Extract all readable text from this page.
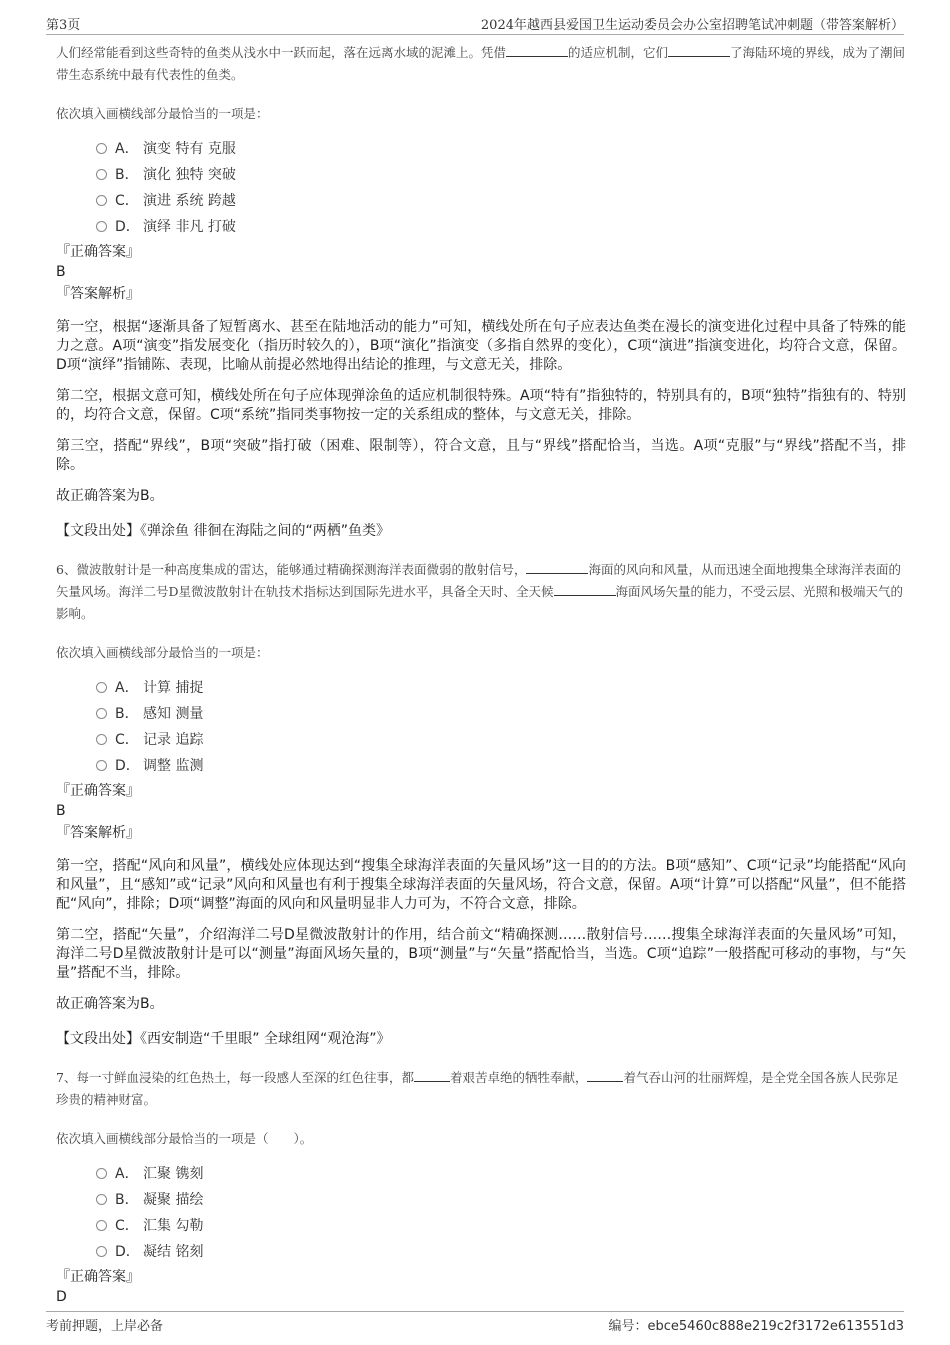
第3页	2024年越西县爱国卫生运动委员会办公室招聘笔试冲刺题（带答案解析）

人们经常能看到这些奇特的鱼类从浅水中一跃而起，落在远离水域的泥滩上。凭借	的适应机制，它们	了海陆环境的界线，成为了潮间带生态系统中最有代表性的鱼类。

依次填入画横线部分最恰当的一项是：

A． 演变 特有 克服
B． 演化 独特 突破
C． 演进 系统 跨越
D． 演绎 非凡 打破
『正确答案』
B
『答案解析』

第一空，根据“逐渐具备了短暂离水、甚至在陆地活动的能力”可知，横线处所在句子应表达鱼类在漫长的演变进化过程中具备了特殊的能力之意。A项“演变”指发展变化（指历时较久的），B项“演化”指演变（多指自然界的变化），C项“演进”指演变进化，均符合文意，保留。D项“演绎”指铺陈、表现，比喻从前提必然地得出结论的推理，与文意无关，排除。

第二空，根据文意可知，横线处所在句子应体现弹涂鱼的适应机制很特殊。A项“特有”指独特的，特别具有的，B项“独特”指独有的、特别的，均符合文意，保留。C项“系统”指同类事物按一定的关系组成的整体，与文意无关，排除。

第三空，搭配“界线”，B项“突破”指打破（困难、限制等），符合文意，且与“界线”搭配恰当，当选。A项“克服”与“界线”搭配不当，排除。

故正确答案为B。

【文段出处】《弹涂鱼 徘徊在海陆之间的“两栖”鱼类》

6、微波散射计是一种高度集成的雷达，能够通过精确探测海洋表面微弱的散射信号，	海面的风向和风量，从而迅速全面地搜集全球海洋表面的矢量风场。海洋二号D星微波散射计在轨技术指标达到国际先进水平，具备全天时、全天候	海面风场矢量的能力，不受云层、光照和极端天气的影响。

依次填入画横线部分最恰当的一项是：

A． 计算 捕捉
B． 感知 测量
C． 记录 追踪
D． 调整 监测
『正确答案』
B
『答案解析』

第一空，搭配“风向和风量”，横线处应体现达到“搜集全球海洋表面的矢量风场”这一目的的方法。B项“感知”、C项“记录”均能搭配“风向和风量”，且“感知”或“记录”风向和风量也有利于搜集全球海洋表面的矢量风场，符合文意，保留。A项“计算”可以搭配“风量”，但不能搭配“风向”，排除；D项“调整”海面的风向和风量明显非人力可为，不符合文意，排除。

第二空，搭配“矢量”，介绍海洋二号D星微波散射计的作用，结合前文“精确探测……散射信号……搜集全球海洋表面的矢量风场”可知，海洋二号D星微波散射计是可以“测量”海面风场矢量的，B项“测量”与“矢量”搭配恰当，当选。C项“追踪”一般搭配可移动的事物，与“矢量”搭配不当，排除。

故正确答案为B。

【文段出处】《西安制造“千里眼” 全球组网“观沧海”》

7、每一寸鲜血浸染的红色热土，每一段感人至深的红色往事，都	着艰苦卓绝的牺牲奉献，	着气吞山河的壮丽辉煌，是全党全国各族人民弥足珍贵的精神财富。

依次填入画横线部分最恰当的一项是（　　）。

A． 汇聚 镌刻
B． 凝聚 描绘
C． 汇集 勾勒
D． 凝结 铭刻
『正确答案』
D
考前押题，上岸必备	编号：ebce5460c888e219c2f3172e613551d3
